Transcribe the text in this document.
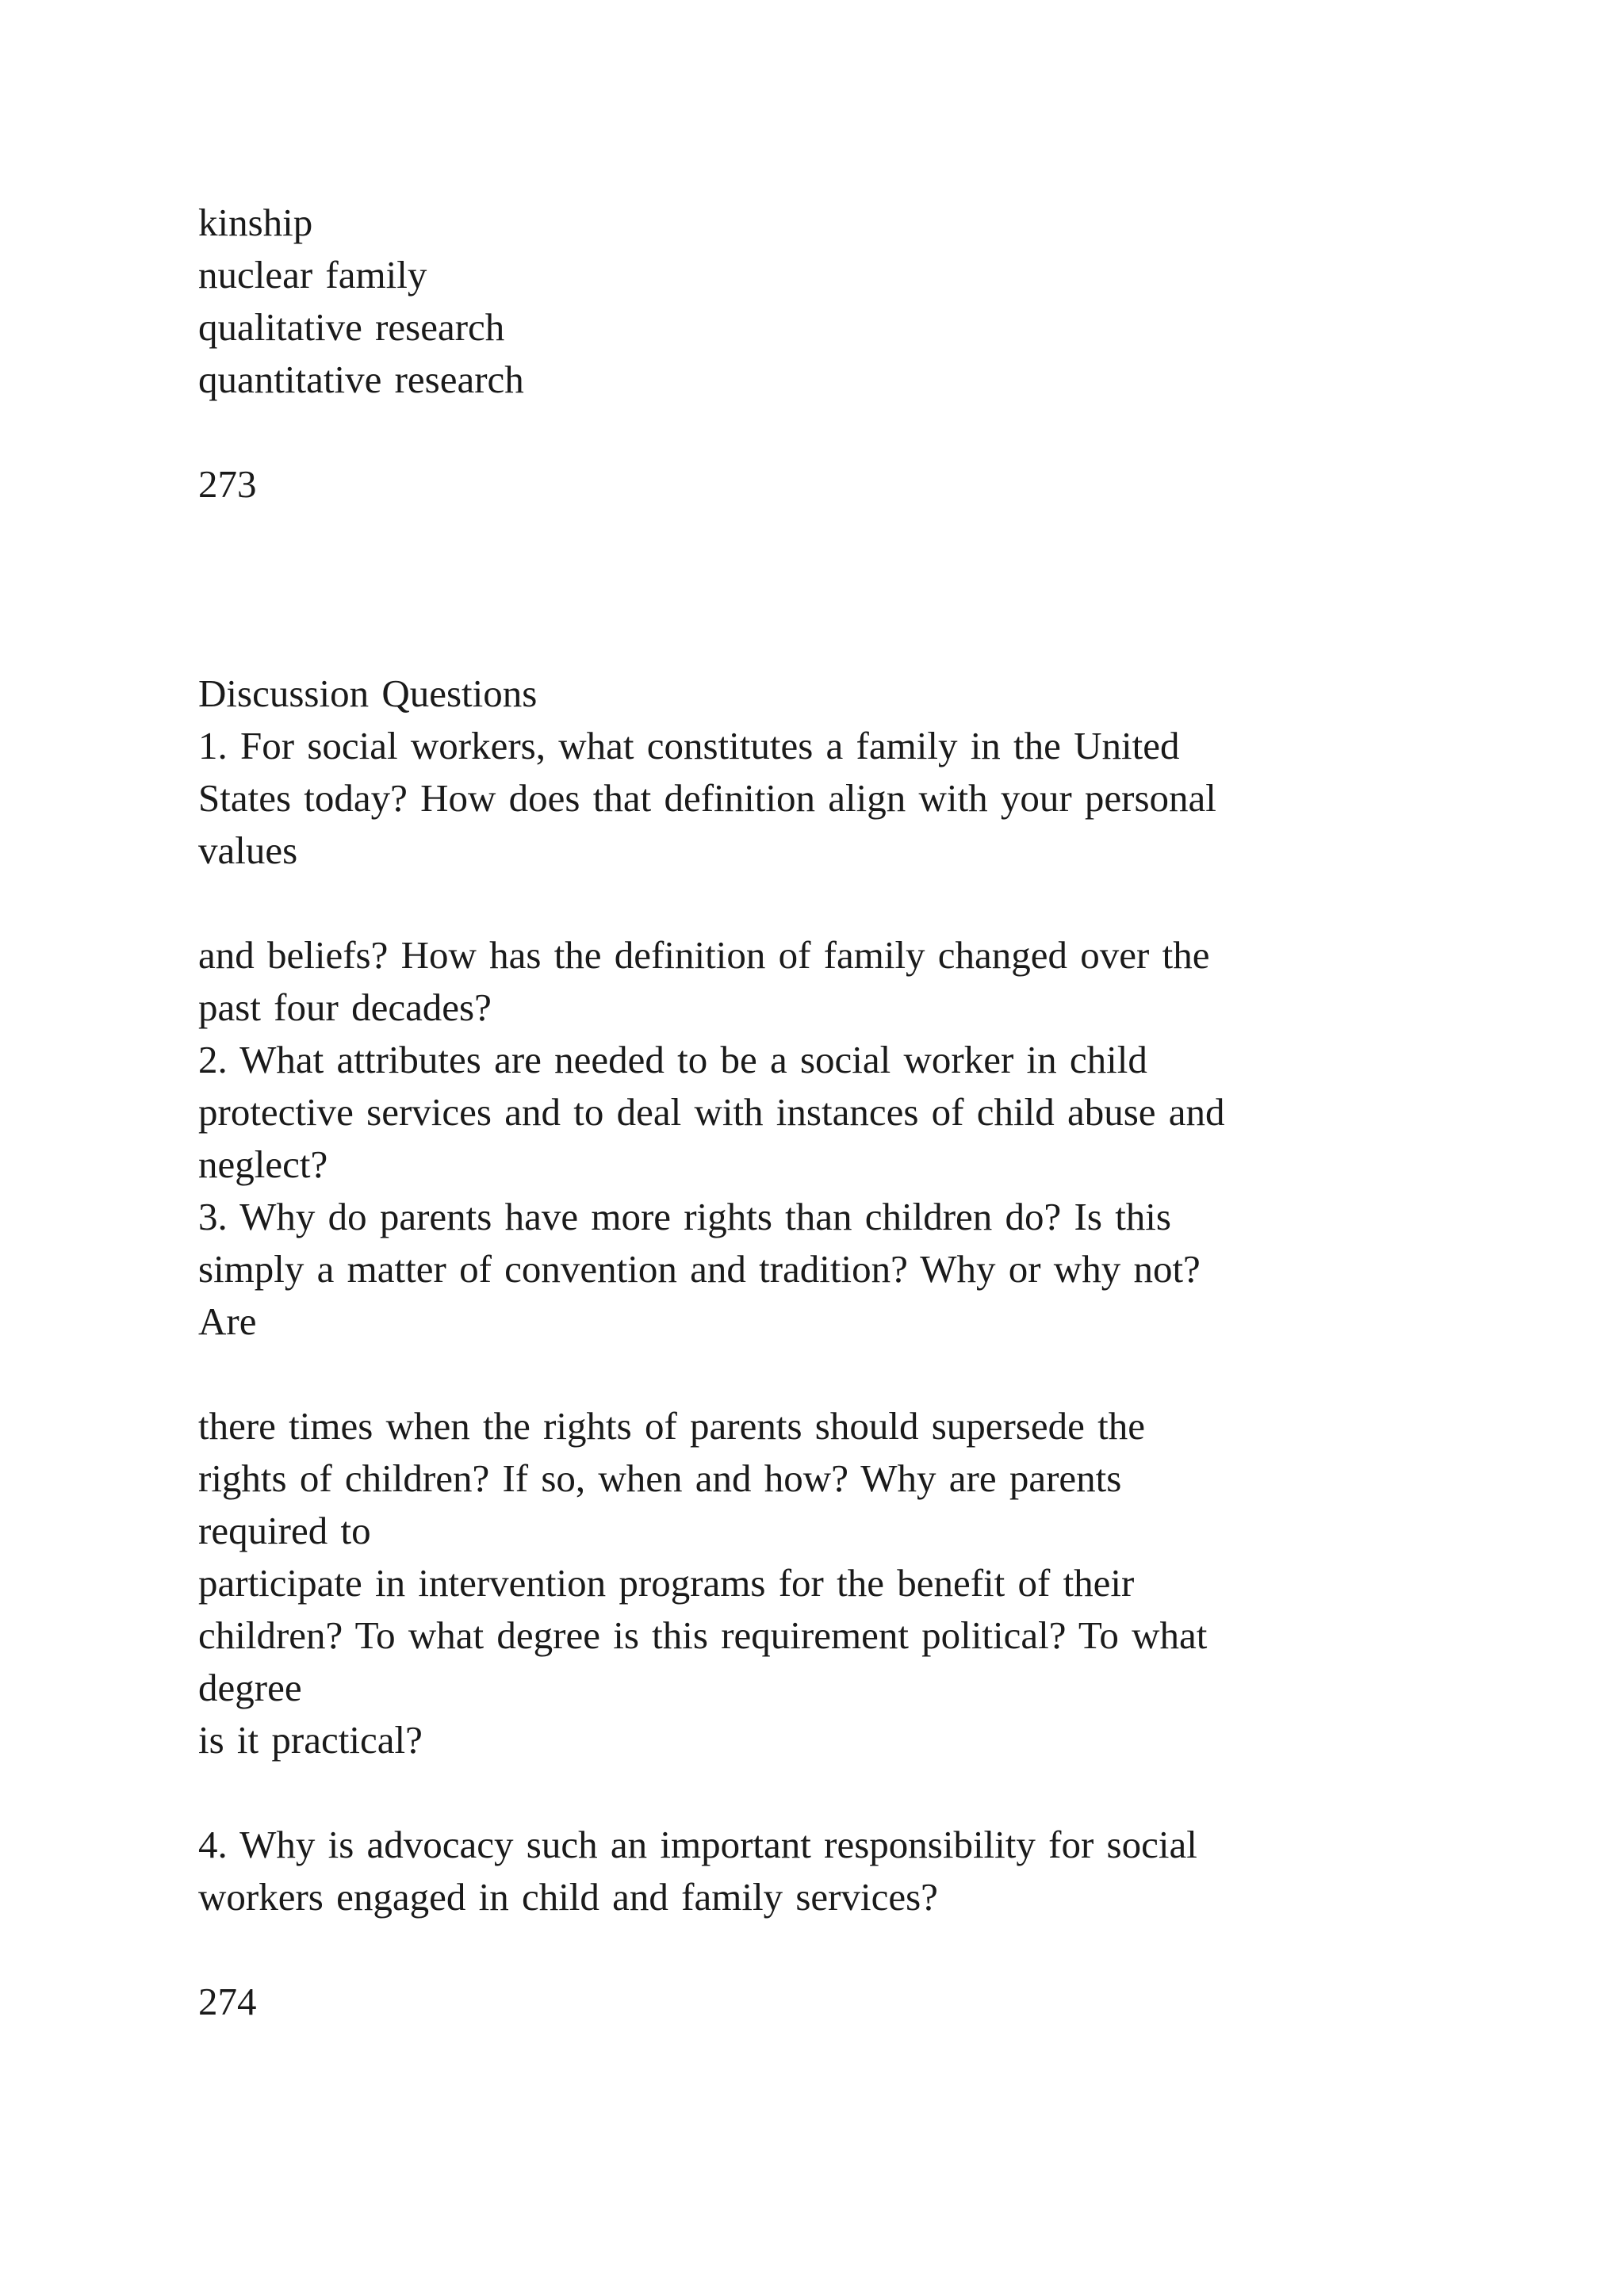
kinship
nuclear family
qualitative research
quantitative research
273
Discussion Questions
1. For social workers, what constitutes a family in the United
States today? How does that definition align with your personal
values
and beliefs? How has the definition of family changed over the
past four decades?
2. What attributes are needed to be a social worker in child
protective services and to deal with instances of child abuse and
neglect?
3. Why do parents have more rights than children do? Is this
simply a matter of convention and tradition? Why or why not?
Are
there times when the rights of parents should supersede the
rights of children? If so, when and how? Why are parents
required to
participate in intervention programs for the benefit of their
children? To what degree is this requirement political? To what
degree
is it practical?
4. Why is advocacy such an important responsibility for social
workers engaged in child and family services?
274
